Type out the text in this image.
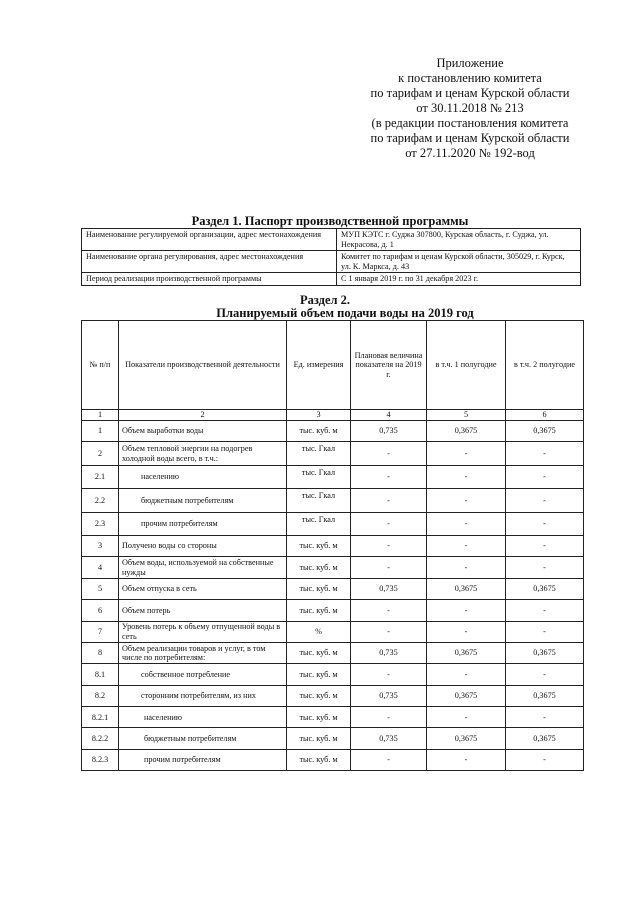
Приложение
к постановлению комитета
по тарифам и ценам Курской области
от 30.11.2018 № 213
(в редакции постановления комитета
по тарифам и ценам Курской области
от 27.11.2020 № 192-вод
Раздел 1. Паспорт производственной программы
Наименование регулируемой организации, адрес местонахождения	МУП КЭТС г. Суджа 307800, Курская область, г. Суджа, ул. Некрасова, д. 1
Наименование органа регулирования, адрес местонахождения	Комитет по тарифам и ценам Курской области, 305029, г. Курск, ул. К. Маркса, д. 43
Период реализации производственной программы	С 1 января 2019 г. по 31 декабря 2023 г.
Раздел 2.
Планируемый объем подачи воды на 2019 год
№ п/п	Показатели производственной деятельности	Ед. измерения	Плановая величина показателя на 2019 г.	в т.ч. 1 полугодие	в т.ч. 2 полугодие
1	2	3	4	5	6
1	Объем выработки воды	тыс. куб. м	0,735	0,3675	0,3675
2	Объем тепловой энергии на подогрев холодной воды всего, в т.ч.:	тыс. Гкал	-	-	-
2.1	населению	тыс. Гкал	-	-	-
2.2	бюджетным потребителям	тыс. Гкал	-	-	-
2.3	прочим потребителям	тыс. Гкал	-	-	-
3	Получено воды со стороны	тыс. куб. м	-	-	-
4	Объем воды, используемой на собственные нужды	тыс. куб. м	-	-	-
5	Объем отпуска в сеть	тыс. куб. м	0,735	0,3675	0,3675
6	Объем потерь	тыс. куб. м	-	-	-
7	Уровень потерь к объему отпущенной воды в сеть	%	-	-	-
8	Объем реализации товаров и услуг, в том числе по потребителям:	тыс. куб. м	0,735	0,3675	0,3675
8.1	собственное потребление	тыс. куб. м	-	-	-
8.2	сторонним потребителям, из них	тыс. куб. м	0,735	0,3675	0,3675
8.2.1	населению	тыс. куб. м	-	-	-
8.2.2	бюджетным потребителям	тыс. куб. м	0,735	0,3675	0,3675
8.2.3	прочим потребителям	тыс. куб. м	-	-	-
